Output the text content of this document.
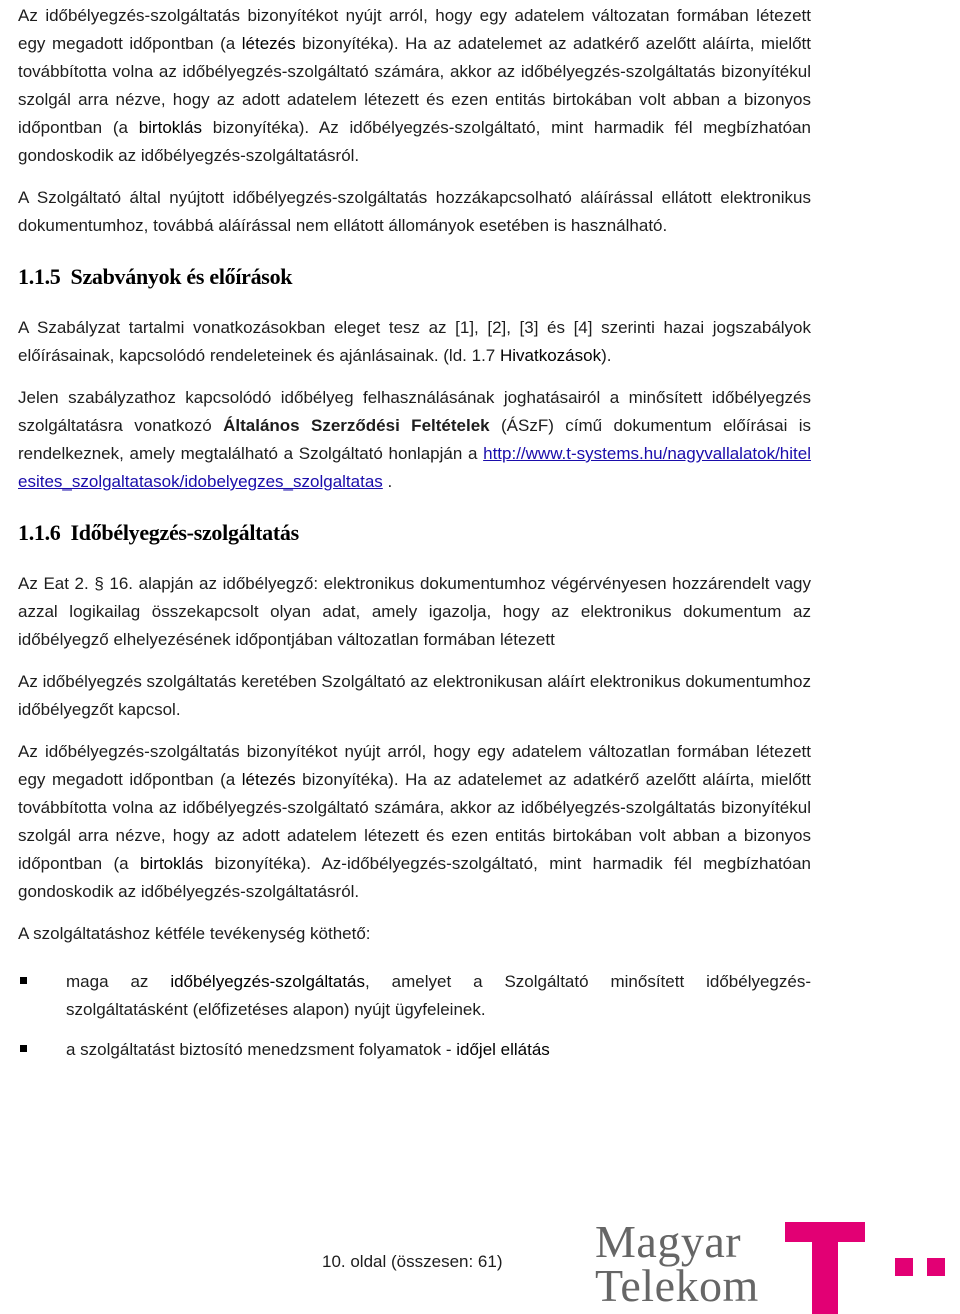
Az időbélyegzés-szolgáltatás bizonyítékot nyújt arról, hogy egy adatelem változatan formában létezett egy megadott időpontban (a létezés bizonyítéka). Ha az adatelemet az adatkérő azelőtt aláírta, mielőtt továbbította volna az időbélyegzés-szolgáltató számára, akkor az időbélyegzés-szolgáltatás bizonyítékul szolgál arra nézve, hogy az adott adatelem létezett és ezen entitás birtokában volt abban a bizonyos időpontban (a birtoklás bizonyítéka). Az időbélyegzés-szolgáltató, mint harmadik fél megbízhatóan gondoskodik az időbélyegzés-szolgáltatásról.

A Szolgáltató által nyújtott időbélyegzés-szolgáltatás hozzákapcsolható aláírással ellátott elektronikus dokumentumhoz, továbbá aláírással nem ellátott állományok esetében is használható.

1.1.5 Szabványok és előírások

A Szabályzat tartalmi vonatkozásokban eleget tesz az [1], [2], [3] és [4] szerinti hazai jogszabályok előírásainak, kapcsolódó rendeleteinek és ajánlásainak. (ld. 1.7 Hivatkozások).

Jelen szabályzathoz kapcsolódó időbélyeg felhasználásának joghatásairól a minősített időbélyegzés szolgáltatásra vonatkozó Általános Szerződési Feltételek (ÁSzF) című dokumentum előírásai is rendelkeznek, amely megtalálható a Szolgáltató honlapján a http://www.t-systems.hu/nagyvallalatok/hitelesites_szolgaltatasok/idobelyegzes_szolgaltatas .

1.1.6 Időbélyegzés-szolgáltatás

Az Eat 2. § 16. alapján az időbélyegző: elektronikus dokumentumhoz végérvényesen hozzárendelt vagy azzal logikailag összekapcsolt olyan adat, amely igazolja, hogy az elektronikus dokumentum az időbélyegző elhelyezésének időpontjában változatlan formában létezett

Az időbélyegzés szolgáltatás keretében Szolgáltató az elektronikusan aláírt elektronikus dokumentumhoz időbélyegzőt kapcsol.

Az időbélyegzés-szolgáltatás bizonyítékot nyújt arról, hogy egy adatelem változatlan formában létezett egy megadott időpontban (a létezés bizonyítéka). Ha az adatelemet az adatkérő azelőtt aláírta, mielőtt továbbította volna az időbélyegzés-szolgáltató számára, akkor az időbélyegzés-szolgáltatás bizonyítékul szolgál arra nézve, hogy az adott adatelem létezett és ezen entitás birtokában volt abban a bizonyos időpontban (a birtoklás bizonyítéka). Az-időbélyegzés-szolgáltató, mint harmadik fél megbízhatóan gondoskodik az időbélyegzés-szolgáltatásról.

A szolgáltatáshoz kétféle tevékenység köthető:

maga az időbélyegzés-szolgáltatás, amelyet a Szolgáltató minősített időbélyegzés-szolgáltatásként (előfizetéses alapon) nyújt ügyfeleinek.
a szolgáltatást biztosító menedzsment folyamatok - időjel ellátás
10. oldal (összesen: 61) Magyar
Telekom
